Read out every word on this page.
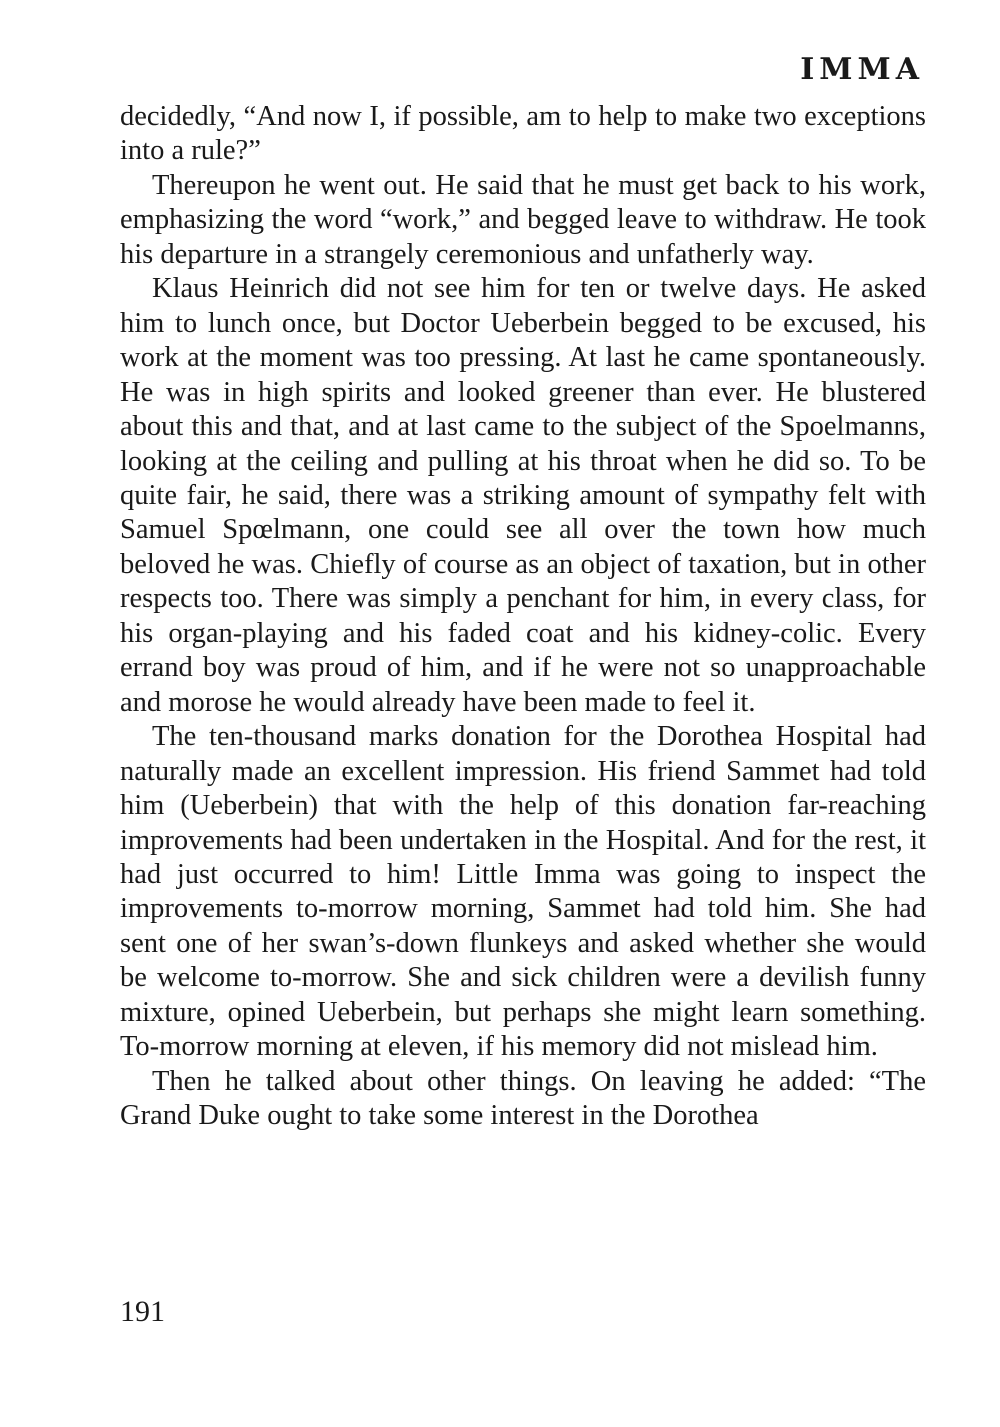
IMMA

decidedly, “And now I, if possible, am to help to make two exceptions into a rule?”

Thereupon he went out. He said that he must get back to his work, emphasizing the word “work,” and begged leave to withdraw. He took his departure in a strangely ceremonious and unfatherly way.

Klaus Heinrich did not see him for ten or twelve days. He asked him to lunch once, but Doctor Ueberbein begged to be excused, his work at the moment was too pressing. At last he came spontaneously. He was in high spirits and looked greener than ever. He blustered about this and that, and at last came to the subject of the Spoelmanns, looking at the ceiling and pulling at his throat when he did so. To be quite fair, he said, there was a striking amount of sympathy felt with Samuel Spœlmann, one could see all over the town how much beloved he was. Chiefly of course as an object of taxation, but in other respects too. There was simply a penchant for him, in every class, for his organ-playing and his faded coat and his kidney-colic. Every errand boy was proud of him, and if he were not so unapproachable and morose he would already have been made to feel it.

The ten-thousand marks donation for the Dorothea Hospital had naturally made an excellent impression. His friend Sammet had told him (Ueberbein) that with the help of this donation far-reaching improvements had been undertaken in the Hospital. And for the rest, it had just occurred to him! Little Imma was going to inspect the improvements to-morrow morning, Sammet had told him. She had sent one of her swan’s-down flunkeys and asked whether she would be welcome to-morrow. She and sick children were a devilish funny mixture, opined Ueberbein, but perhaps she might learn something. To-morrow morning at eleven, if his memory did not mislead him.

Then he talked about other things. On leaving he added: “The Grand Duke ought to take some interest in the Dorothea

191
